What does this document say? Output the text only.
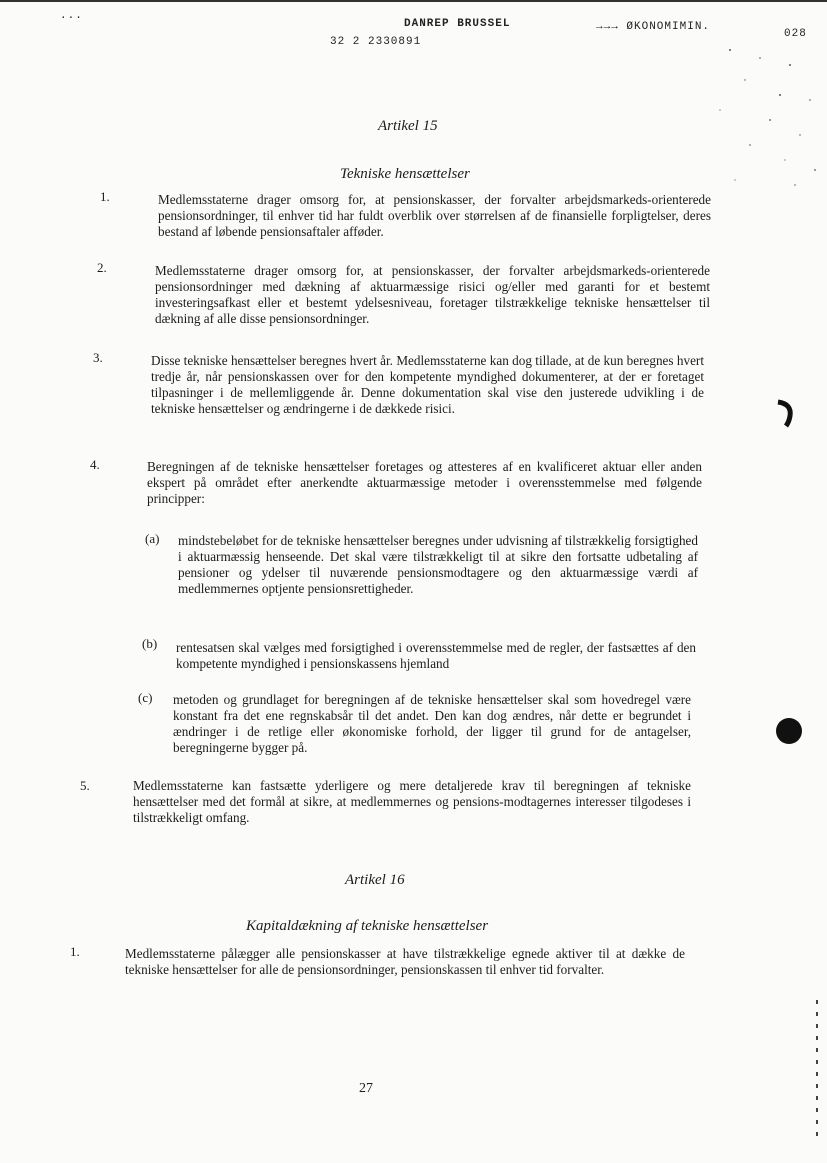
...
DANREP BRUSSEL	→→→ ØKONOMIMIN.
028
32 2 2330891
Artikel 15
Tekniske hensættelser
1.	Medlemsstaterne drager omsorg for, at pensionskasser, der forvalter arbejdsmarkeds-orienterede pensionsordninger, til enhver tid har fuldt overblik over størrelsen af de finansielle forpligtelser, deres bestand af løbende pensionsaftaler afføder.
2.	Medlemsstaterne drager omsorg for, at pensionskasser, der forvalter arbejdsmarkeds-orienterede pensionsordninger med dækning af aktuarmæssige risici og/eller med garanti for et bestemt investeringsafkast eller et bestemt ydelsesniveau, foretager tilstrækkelige tekniske hensættelser til dækning af alle disse pensionsordninger.
3.	Disse tekniske hensættelser beregnes hvert år. Medlemsstaterne kan dog tillade, at de kun beregnes hvert tredje år, når pensionskassen over for den kompetente myndighed dokumenterer, at der er foretaget tilpasninger i de mellemliggende år. Denne dokumentation skal vise den justerede udvikling i de tekniske hensættelser og ændringerne i de dækkede risici.
4.	Beregningen af de tekniske hensættelser foretages og attesteres af en kvalificeret aktuar eller anden ekspert på området efter anerkendte aktuarmæssige metoder i overensstemmelse med følgende principper:
(a) mindstebeløbet for de tekniske hensættelser beregnes under udvisning af tilstrækkelig forsigtighed i aktuarmæssig henseende. Det skal være tilstrækkeligt til at sikre den fortsatte udbetaling af pensioner og ydelser til nuværende pensionsmodtagere og den aktuarmæssige værdi af medlemmernes optjente pensionsrettigheder.
(b) rentesatsen skal vælges med forsigtighed i overensstemmelse med de regler, der fastsættes af den kompetente myndighed i pensionskassens hjemland
(c) metoden og grundlaget for beregningen af de tekniske hensættelser skal som hovedregel være konstant fra det ene regnskabsår til det andet. Den kan dog ændres, når dette er begrundet i ændringer i de retlige eller økonomiske forhold, der ligger til grund for de antagelser, beregningerne bygger på.
5.	Medlemsstaterne kan fastsætte yderligere og mere detaljerede krav til beregningen af tekniske hensættelser med det formål at sikre, at medlemmernes og pensions-modtagernes interesser tilgodeses i tilstrækkeligt omfang.
Artikel 16
Kapitaldækning af tekniske hensættelser
1.	Medlemsstaterne pålægger alle pensionskasser at have tilstrækkelige egnede aktiver til at dække de tekniske hensættelser for alle de pensionsordninger, pensionskassen til enhver tid forvalter.
27
